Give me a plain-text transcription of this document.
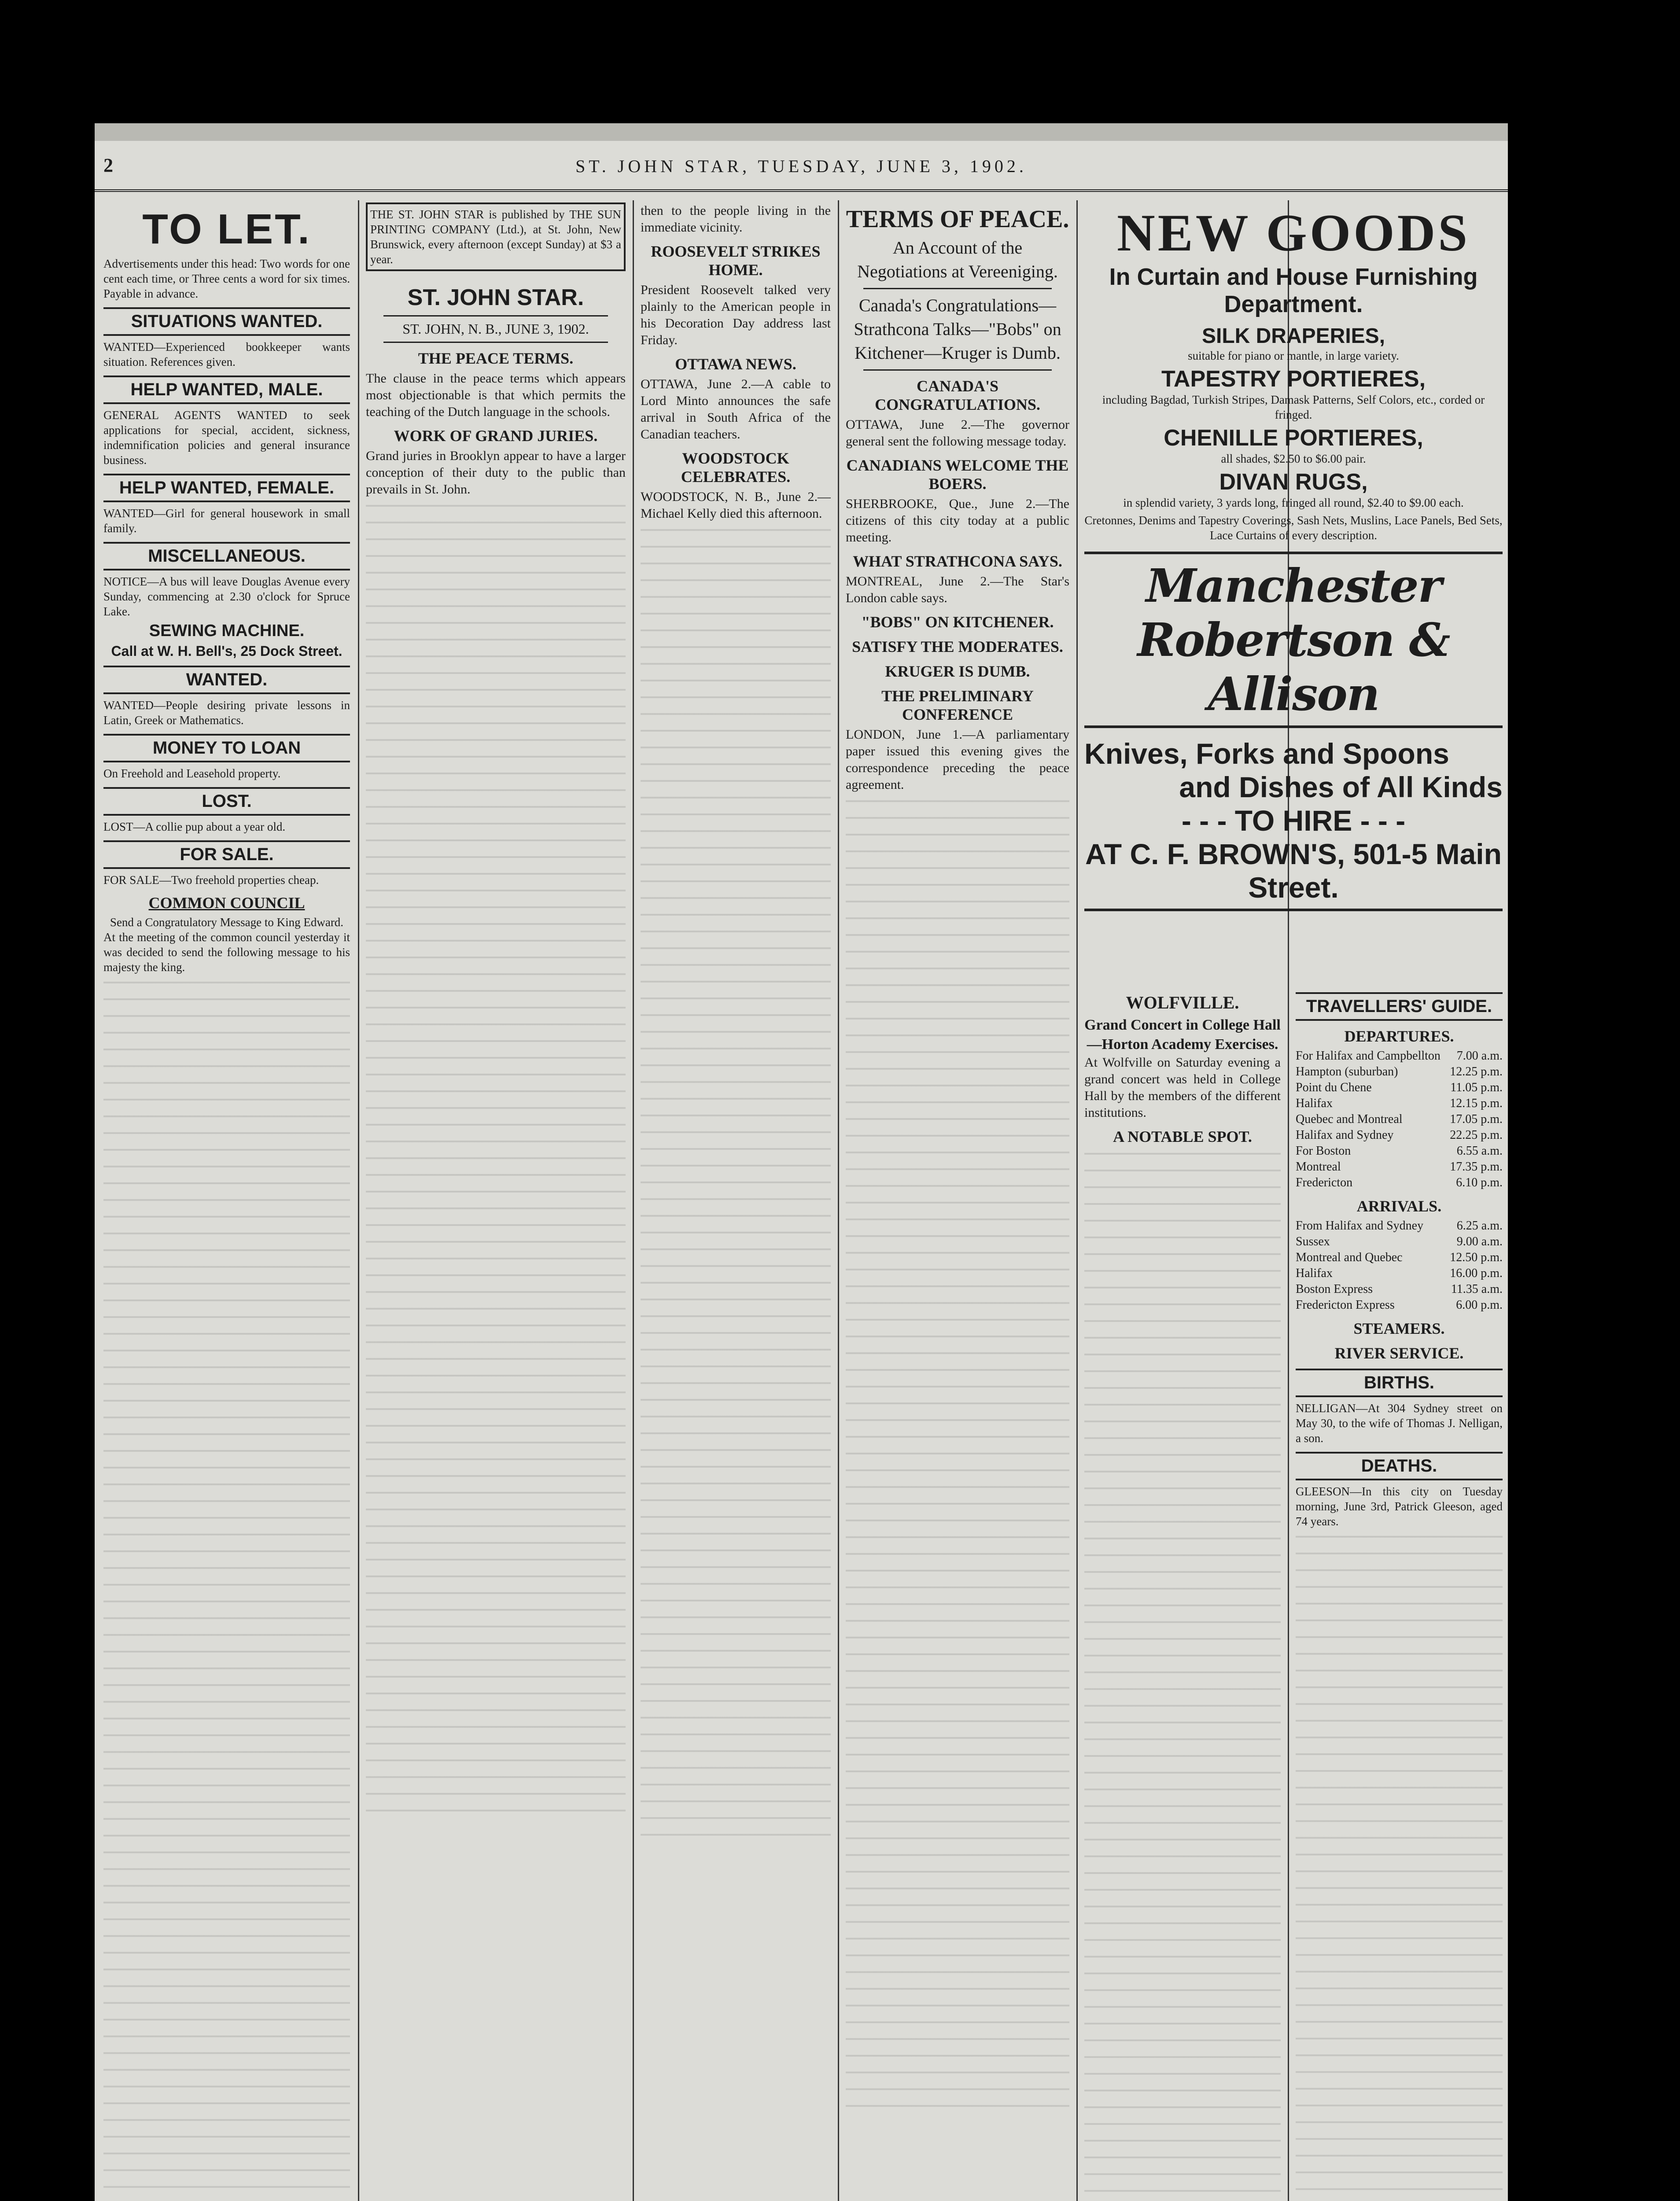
2	ST. JOHN STAR, TUESDAY, JUNE 3, 1902.
TO LET.

Advertisements under this head: Two words for one cent each time, or Three cents a word for six times. Payable in advance.

SITUATIONS WANTED.

WANTED—Experienced bookkeeper wants situation. References given.

HELP WANTED, MALE.

GENERAL AGENTS WANTED to seek applications for special, accident, sickness, indemnification policies and general insurance business.

HELP WANTED, FEMALE.

WANTED—Girl for general housework in small family.

MISCELLANEOUS.

NOTICE—A bus will leave Douglas Avenue every Sunday, commencing at 2.30 o'clock for Spruce Lake.

SEWING MACHINE.
Call at W. H. Bell's, 25 Dock Street.
WANTED.

WANTED—People desiring private lessons in Latin, Greek or Mathematics.

MONEY TO LOAN

On Freehold and Leasehold property.

LOST.

LOST—A collie pup about a year old.

FOR SALE.

FOR SALE—Two freehold properties cheap.

COMMON COUNCIL
Send a Congratulatory Message to King Edward.

At the meeting of the common council yesterday it was decided to send the following message to his majesty the king.

THE ST. JOHN STAR is published by THE SUN PRINTING COMPANY (Ltd.), at St. John, New Brunswick, every afternoon (except Sunday) at $3 a year.

ST. JOHN STAR.
ST. JOHN, N. B., JUNE 3, 1902.
THE PEACE TERMS.

The clause in the peace terms which appears most objectionable is that which permits the teaching of the Dutch language in the schools.

WORK OF GRAND JURIES.

Grand juries in Brooklyn appear to have a larger conception of their duty to the public than prevails in St. John.

then to the people living in the immediate vicinity.

ROOSEVELT STRIKES HOME.

President Roosevelt talked very plainly to the American people in his Decoration Day address last Friday.

OTTAWA NEWS.

OTTAWA, June 2.—A cable to Lord Minto announces the safe arrival in South Africa of the Canadian teachers.

WOODSTOCK CELEBRATES.

WOODSTOCK, N. B., June 2.—Michael Kelly died this afternoon.

TERMS OF PEACE.
An Account of the Negotiations at Vereeniging.
Canada's Congratulations—Strathcona Talks—"Bobs" on Kitchener—Kruger is Dumb.
CANADA'S CONGRATULATIONS.

OTTAWA, June 2.—The governor general sent the following message today.

CANADIANS WELCOME THE BOERS.

SHERBROOKE, Que., June 2.—The citizens of this city today at a public meeting.

WHAT STRATHCONA SAYS.

MONTREAL, June 2.—The Star's London cable says.

"BOBS" ON KITCHENER.
SATISFY THE MODERATES.
KRUGER IS DUMB.
THE PRELIMINARY CONFERENCE

LONDON, June 1.—A parliamentary paper issued this evening gives the correspondence preceding the peace agreement.

NEW GOODS
In Curtain and House Furnishing Department.
SILK DRAPERIES,

suitable for piano or mantle, in large variety.

TAPESTRY PORTIERES,

including Bagdad, Turkish Stripes, Damask Patterns, Self Colors, etc., corded or fringed.

CHENILLE PORTIERES,

all shades, $2.50 to $6.00 pair.

DIVAN RUGS,

in splendid variety, 3 yards long, fringed all round, $2.40 to $9.00 each.

Cretonnes, Denims and Tapestry Coverings, Sash Nets, Muslins, Lace Panels, Bed Sets, Lace Curtains of every description.

Manchester Robertson & Allison
Knives, Forks and Spoons
and Dishes of All Kinds
- - - TO HIRE - - -
AT C. F. BROWN'S, 501-5 Main Street.
WOLFVILLE.
Grand Concert in College Hall—Horton Academy Exercises.

At Wolfville on Saturday evening a grand concert was held in College Hall by the members of the different institutions.

A NOTABLE SPOT.
TRAVELLERS' GUIDE.
DEPARTURES.
For Halifax and Campbellton 7.00 a.m.
Hampton (suburban)	12.25 p.m.
Point du Chene	11.05 p.m.
Halifax	12.15 p.m.
Quebec and Montreal	17.05 p.m.
Halifax and Sydney	22.25 p.m.
For Boston	6.55 a.m.
Montreal	17.35 p.m.
Fredericton	6.10 p.m.
ARRIVALS.
From Halifax and Sydney	6.25 a.m.
Sussex	9.00 a.m.
Montreal and Quebec	12.50 p.m.
Halifax	16.00 p.m.
Boston Express	11.35 a.m.
Fredericton Express	6.00 p.m.
STEAMERS.
RIVER SERVICE.
BIRTHS.

NELLIGAN—At 304 Sydney street on May 30, to the wife of Thomas J. Nelligan, a son.

DEATHS.

GLEESON—In this city on Tuesday morning, June 3rd, Patrick Gleeson, aged 74 years.
